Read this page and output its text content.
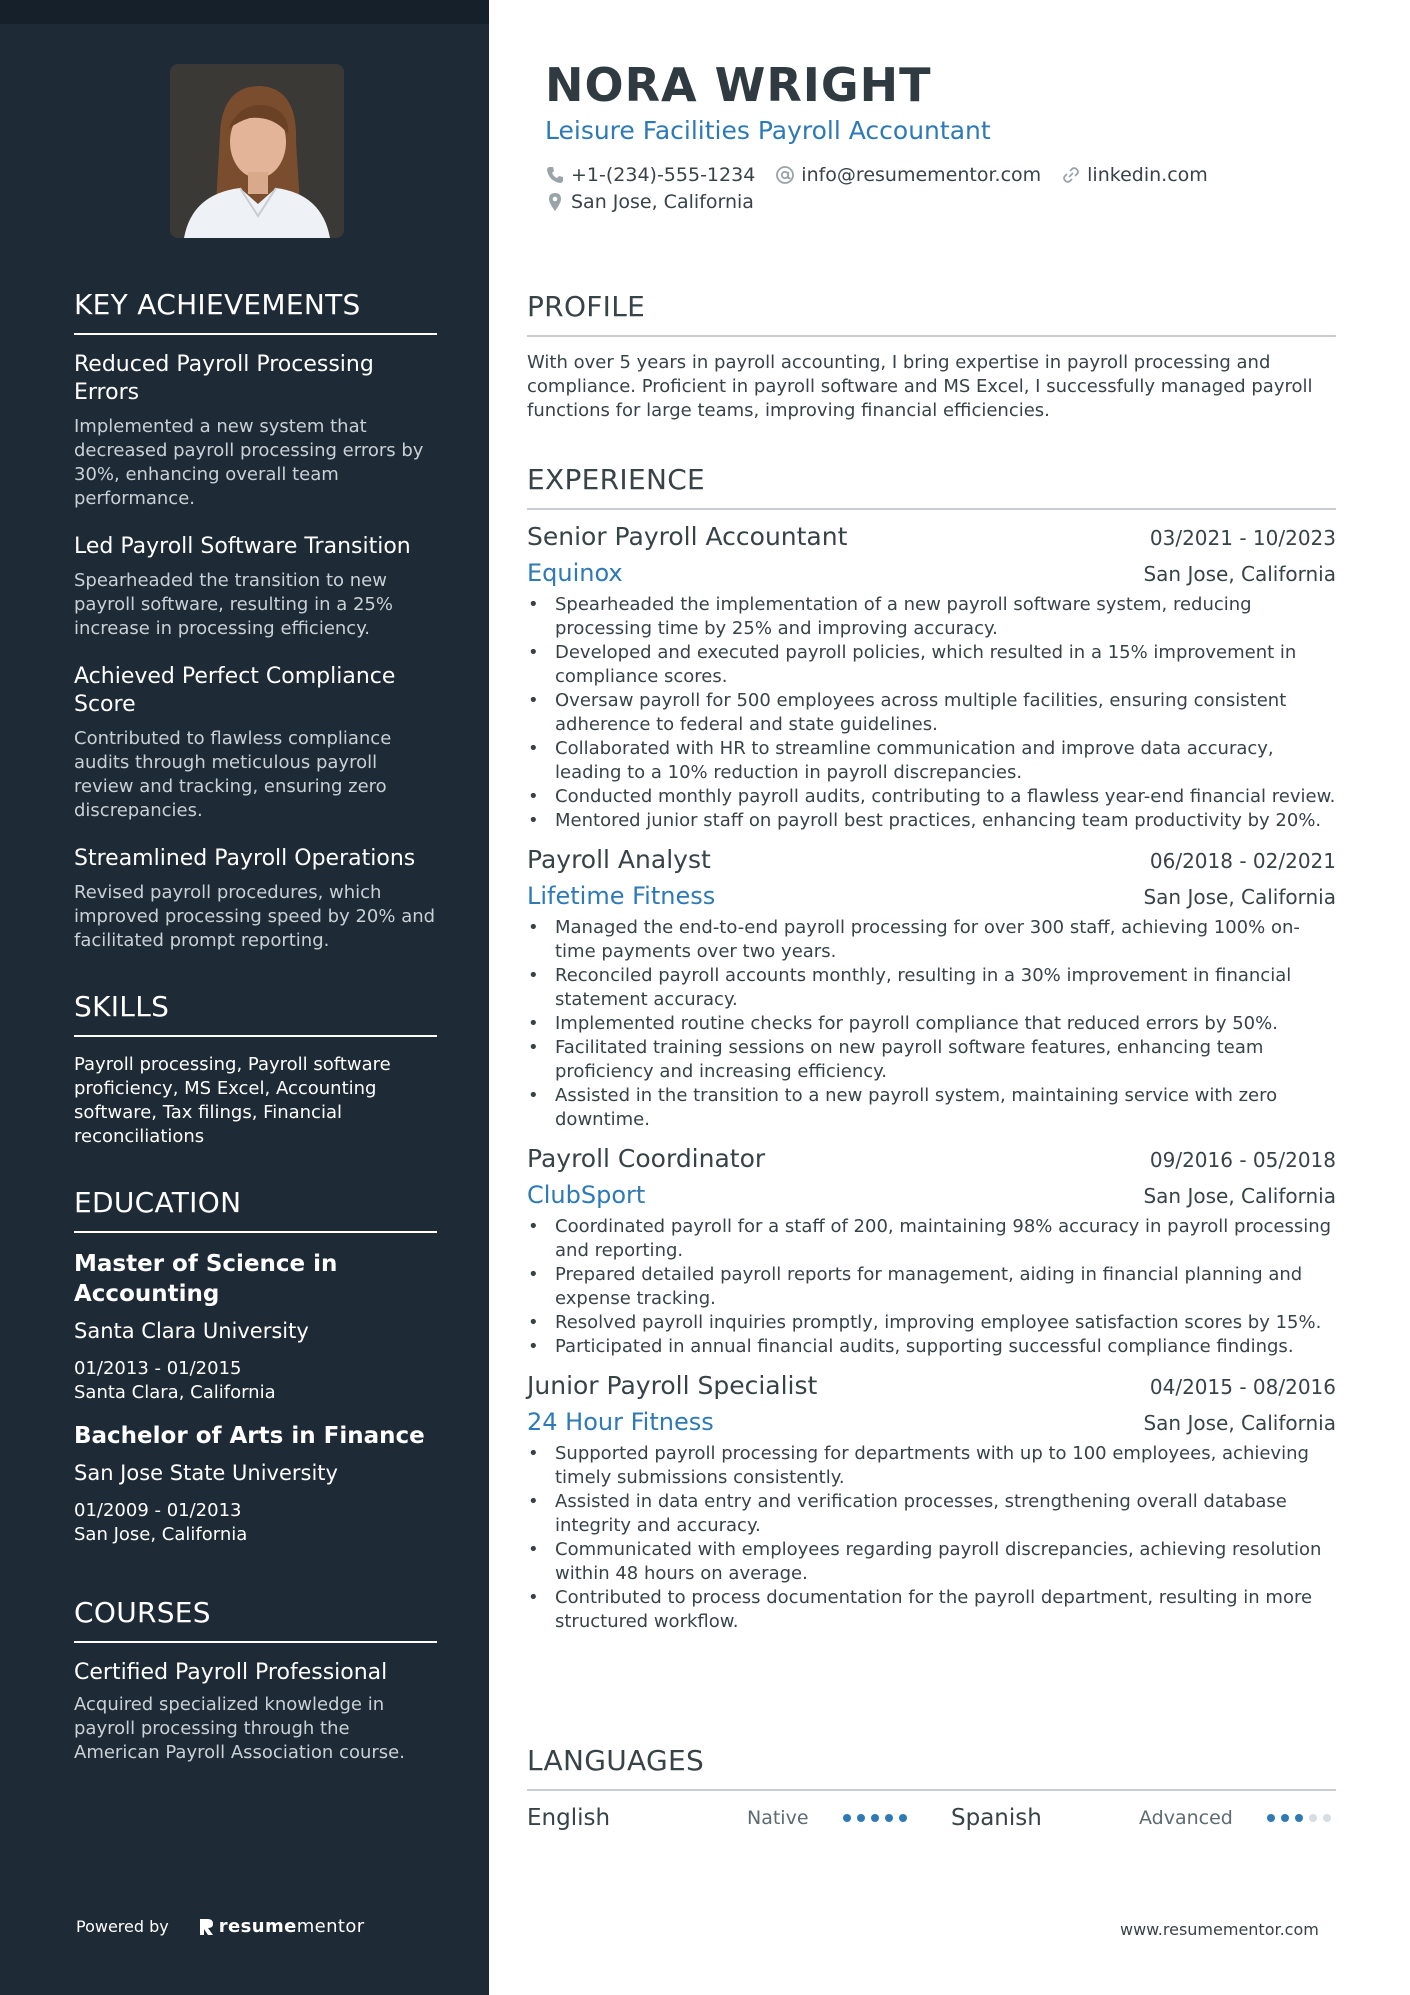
KEY ACHIEVEMENTS
Reduced Payroll Processing Errors
Implemented a new system that decreased payroll processing errors by 30%, enhancing overall team performance.
Led Payroll Software Transition
Spearheaded the transition to new payroll software, resulting in a 25% increase in processing efficiency.
Achieved Perfect Compliance Score
Contributed to flawless compliance audits through meticulous payroll review and tracking, ensuring zero discrepancies.
Streamlined Payroll Operations
Revised payroll procedures, which improved processing speed by 20% and facilitated prompt reporting.
SKILLS
Payroll processing, Payroll software proficiency, MS Excel, Accounting software, Tax filings, Financial reconciliations
EDUCATION
Master of Science in Accounting
Santa Clara University
01/2013 - 01/2015
Santa Clara, California
Bachelor of Arts in Finance
San Jose State University
01/2009 - 01/2013
San Jose, California
COURSES
Certified Payroll Professional
Acquired specialized knowledge in payroll processing through the American Payroll Association course.
Powered by	resume mentor
NORA WRIGHT
Leisure Facilities Payroll Accountant
+1-(234)-555-1234 info@resumementor.com linkedin.com
San Jose, California
PROFILE
With over 5 years in payroll accounting, I bring expertise in payroll processing and compliance. Proficient in payroll software and MS Excel, I successfully managed payroll functions for large teams, improving financial efficiencies.
EXPERIENCE
Senior Payroll Accountant	03/2021 - 10/2023
Equinox	San Jose, California
• Spearheaded the implementation of a new payroll software system, reducing processing time by 25% and improving accuracy.
• Developed and executed payroll policies, which resulted in a 15% improvement in compliance scores.
• Oversaw payroll for 500 employees across multiple facilities, ensuring consistent adherence to federal and state guidelines.
• Collaborated with HR to streamline communication and improve data accuracy, leading to a 10% reduction in payroll discrepancies.
• Conducted monthly payroll audits, contributing to a flawless year-end financial review.
• Mentored junior staff on payroll best practices, enhancing team productivity by 20%.
Payroll Analyst	06/2018 - 02/2021
Lifetime Fitness	San Jose, California
• Managed the end-to-end payroll processing for over 300 staff, achieving 100% on-time payments over two years.
• Reconciled payroll accounts monthly, resulting in a 30% improvement in financial statement accuracy.
• Implemented routine checks for payroll compliance that reduced errors by 50%.
• Facilitated training sessions on new payroll software features, enhancing team proficiency and increasing efficiency.
• Assisted in the transition to a new payroll system, maintaining service with zero downtime.
Payroll Coordinator	09/2016 - 05/2018
ClubSport	San Jose, California
• Coordinated payroll for a staff of 200, maintaining 98% accuracy in payroll processing and reporting.
• Prepared detailed payroll reports for management, aiding in financial planning and expense tracking.
• Resolved payroll inquiries promptly, improving employee satisfaction scores by 15%.
• Participated in annual financial audits, supporting successful compliance findings.
Junior Payroll Specialist	04/2015 - 08/2016
24 Hour Fitness	San Jose, California
• Supported payroll processing for departments with up to 100 employees, achieving timely submissions consistently.
• Assisted in data entry and verification processes, strengthening overall database integrity and accuracy.
• Communicated with employees regarding payroll discrepancies, achieving resolution within 48 hours on average.
• Contributed to process documentation for the payroll department, resulting in more structured workflow.
LANGUAGES
English	Native	Spanish	Advanced
www.resumementor.com
